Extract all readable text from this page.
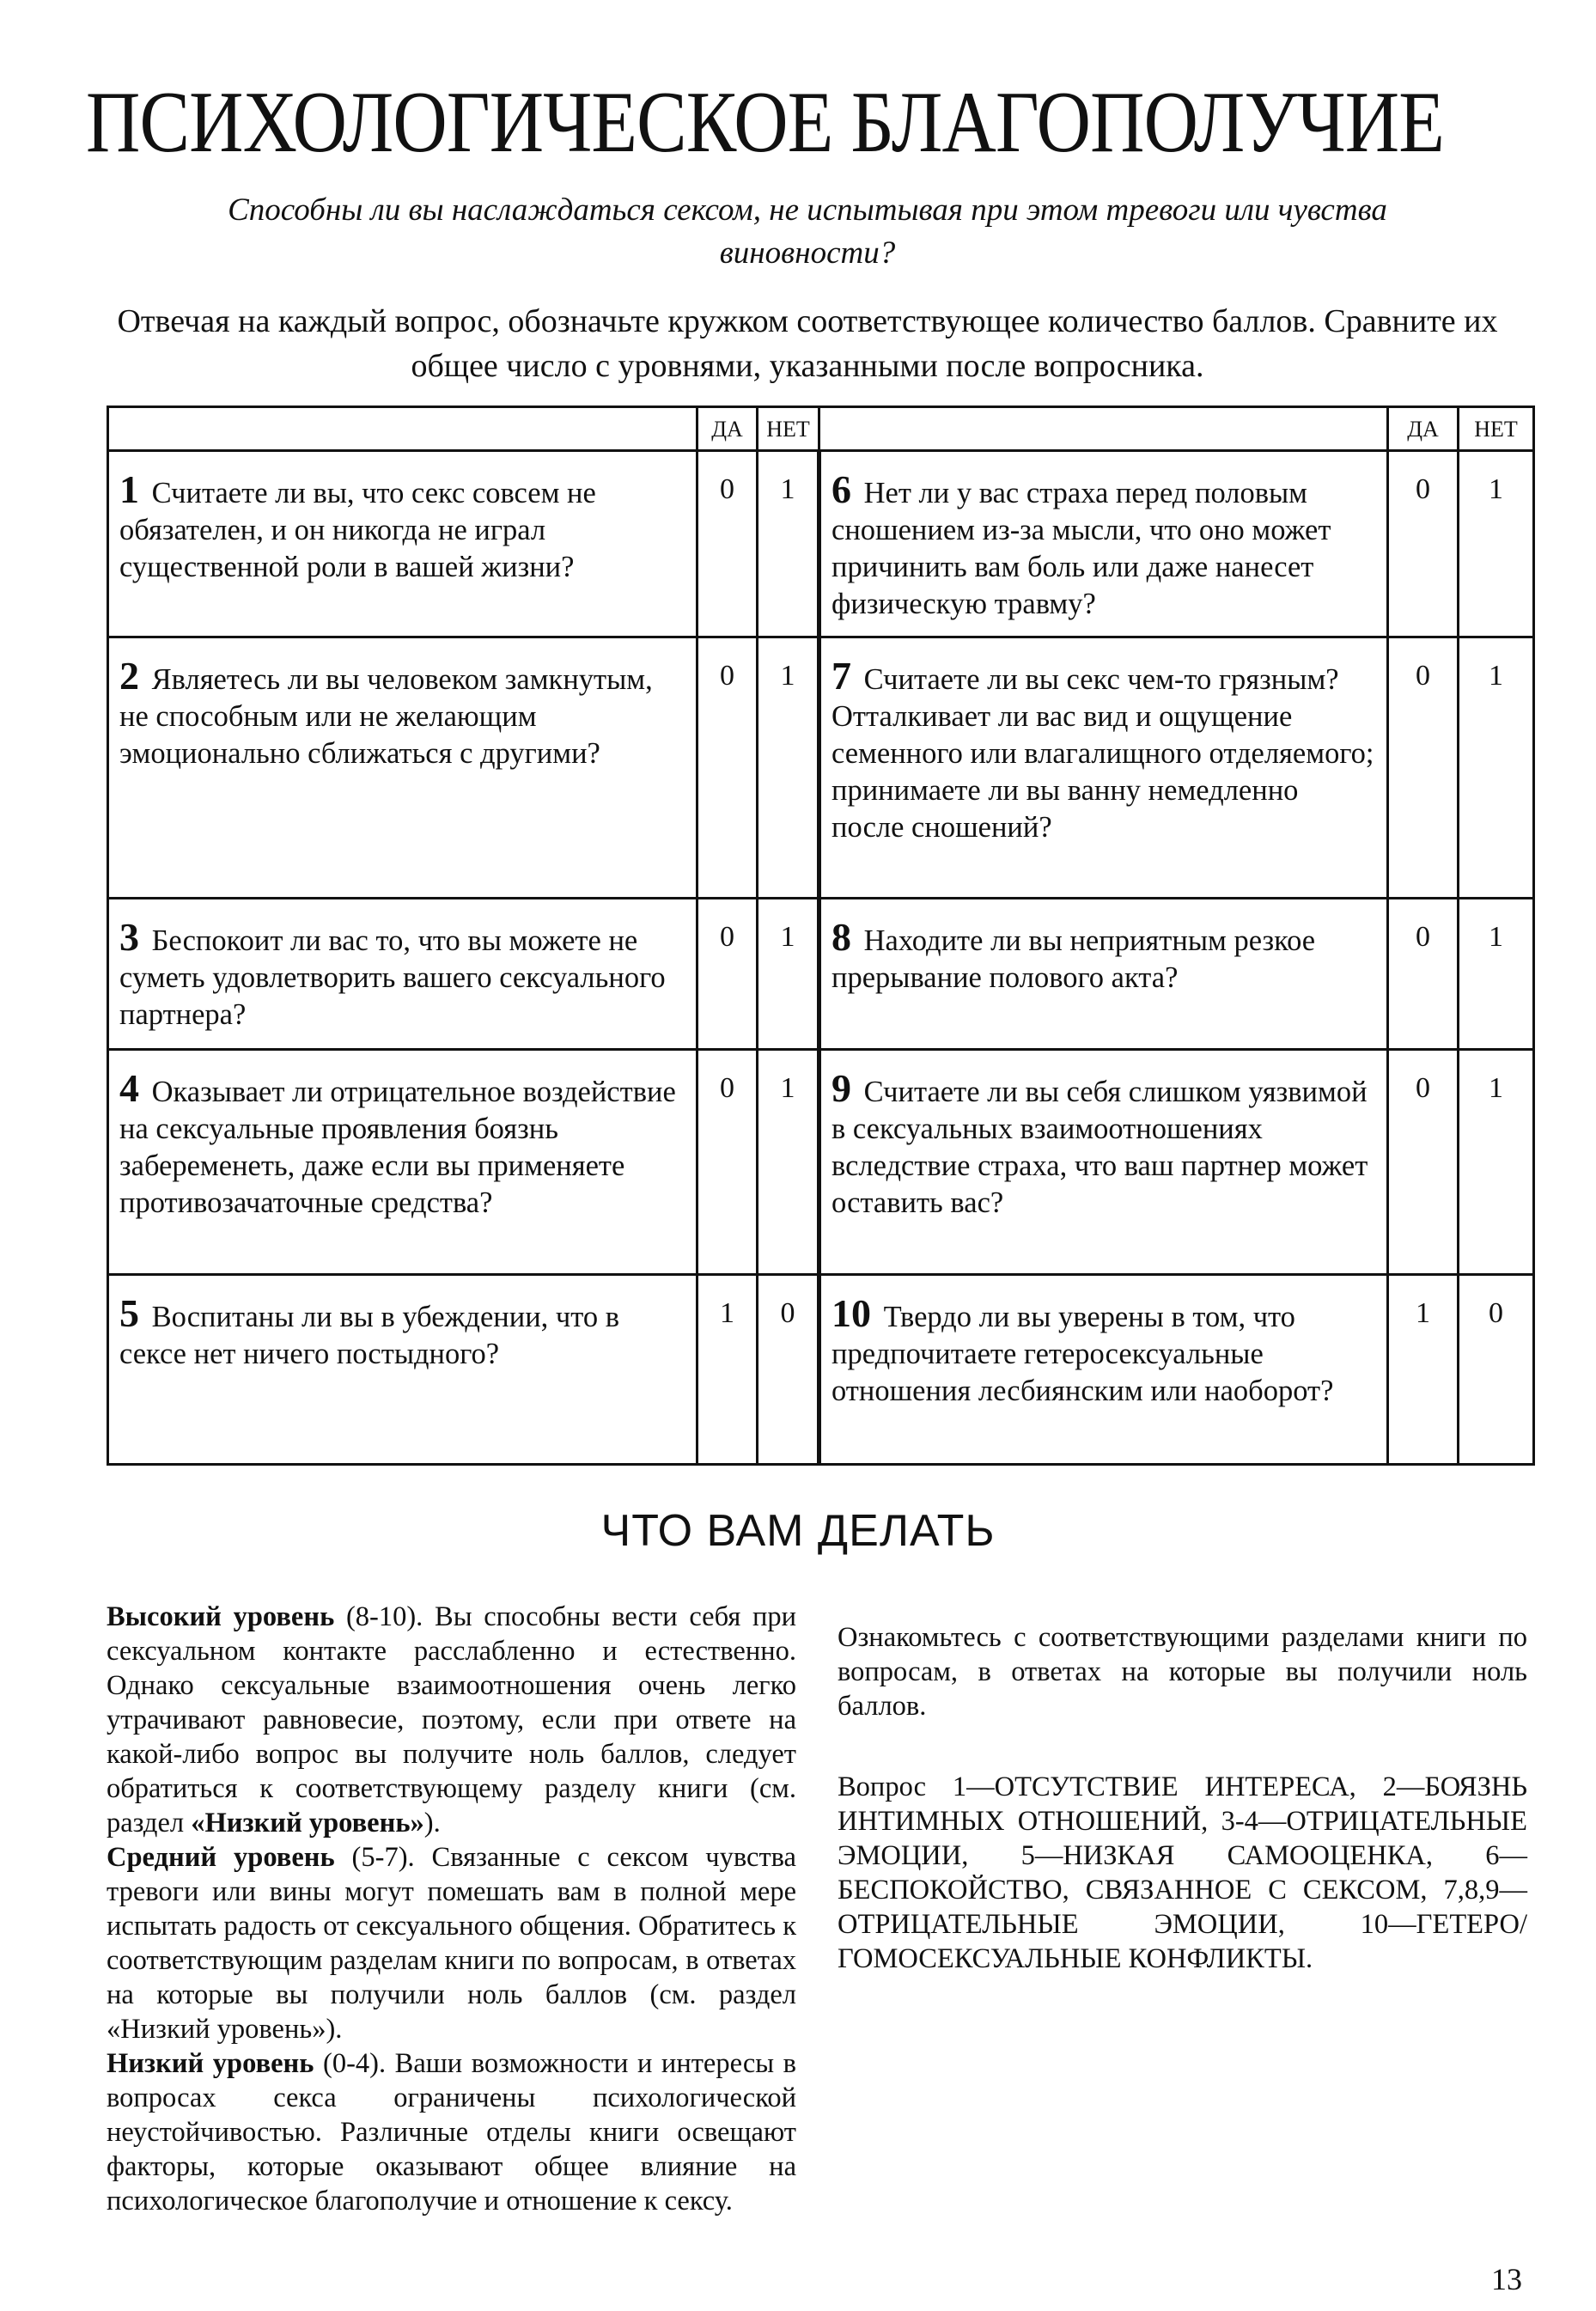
ПСИХОЛОГИЧЕСКОЕ БЛАГОПОЛУЧИЕ

Способны ли вы наслаждаться сексом, не испытывая при этом тревоги или чувства виновности?

Отвечая на каждый вопрос, обозначьте кружком соответствующее количество баллов. Сравните их общее число с уровнями, указанными после вопросника.

	ДА	НЕТ		ДА	НЕТ
1 Считаете ли вы, что секс совсем не обязателен, и он никогда не играл существенной роли в вашей жизни?	0	1	6 Нет ли у вас страха перед половым сношением из-за мысли, что оно может причинить вам боль или даже нанесет физическую травму?	0	1
2 Являетесь ли вы человеком замкнутым, не способным или не желающим эмоционально сближаться с другими?	0	1	7 Считаете ли вы секс чем-то грязным? Отталкивает ли вас вид и ощущение семенного или влагалищного отделяемого; принимаете ли вы ванну немедленно после сношений?	0	1
3 Беспокоит ли вас то, что вы можете не суметь удовлетворить вашего сексуального партнера?	0	1	8 Находите ли вы неприятным резкое прерывание полового акта?	0	1
4 Оказывает ли отрицательное воздействие на сексуальные проявления боязнь забеременеть, даже если вы применяете противозачаточные средства?	0	1	9 Считаете ли вы себя слишком уязвимой в сексуальных взаимоотношениях вследствие страха, что ваш партнер может оставить вас?	0	1
5 Воспитаны ли вы в убеждении, что в сексе нет ничего постыдного?	1	0	10 Твердо ли вы уверены в том, что предпочитаете гетеросексуальные отношения лесбиянским или наоборот?	1	0
ЧТО ВАМ ДЕЛАТЬ

Высокий уровень (8-10). Вы способны вести себя при сексуальном контакте расслабленно и естественно. Однако сексуальные взаимоотношения очень легко утрачивают равновесие, поэтому, если при ответе на какой-либо вопрос вы получите ноль баллов, следует обратиться к соответствующему разделу книги (см. раздел «Низкий уровень»).

Средний уровень (5-7). Связанные с сексом чувства тревоги или вины могут помешать вам в полной мере испытать радость от сексуального общения. Обратитесь к соответствующим разделам книги по вопросам, в ответах на которые вы получили ноль баллов (см. раздел «Низкий уровень»).

Низкий уровень (0-4). Ваши возможности и интересы в вопросах секса ограничены психологической неустойчивостью. Различные отделы книги освещают факторы, которые оказывают общее влияние на психологическое благополучие и отношение к сексу.

Ознакомьтесь с соответствующими разделами книги по вопросам, в ответах на которые вы получили ноль баллов.

Вопрос 1—ОТСУТСТВИЕ ИНТЕРЕСА, 2—БОЯЗНЬ ИНТИМНЫХ ОТНОШЕНИЙ, 3-4—ОТРИЦАТЕЛЬНЫЕ ЭМОЦИИ, 5—НИЗКАЯ САМООЦЕНКА, 6—БЕСПОКОЙСТВО, СВЯЗАННОЕ С СЕКСОМ, 7,8,9—ОТРИЦАТЕЛЬНЫЕ ЭМОЦИИ, 10—ГЕТЕРО/ГОМОСЕКСУАЛЬНЫЕ КОНФЛИКТЫ.

13
